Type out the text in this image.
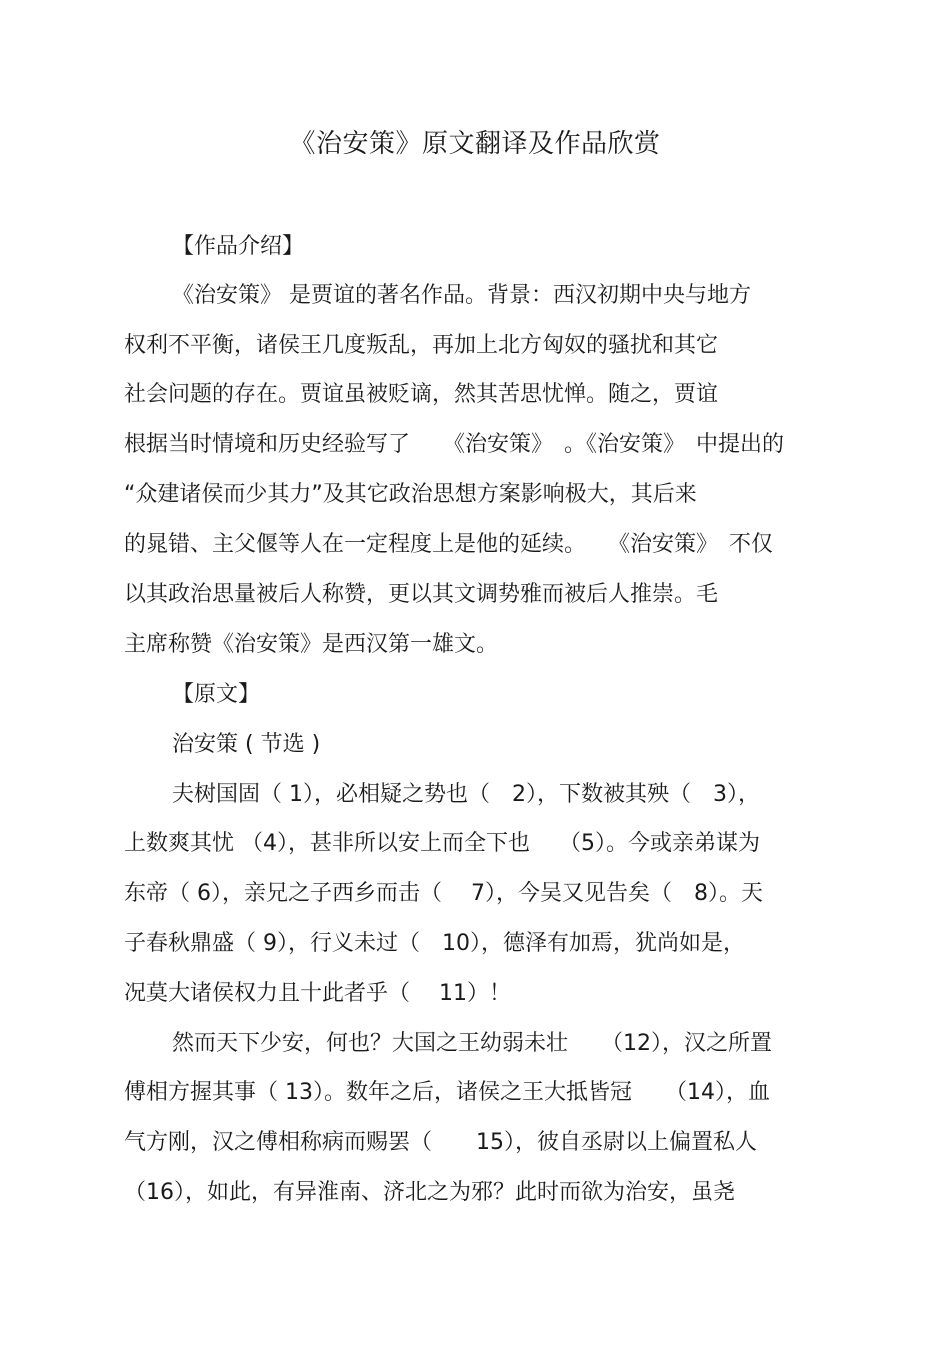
《治安策》原文翻译及作品欣赏
【作品介绍】
《治安策》 是贾谊的著名作品。背景：西汉初期中央与地方
权利不平衡，诸侯王几度叛乱，再加上北方匈奴的骚扰和其它
社会问题的存在。贾谊虽被贬谪，然其苦思忧惮。随之，贾谊
根据当时情境和历史经验写了　　《治安策》　。《治安策》　中提出的
“众建诸侯而少其力”及其它政治思想方案影响极大，其后来
的晁错、主父偃等人在一定程度上是他的延续。　　《治安策》　不仅
以其政治思量被后人称赞，更以其文调势雅而被后人推崇。毛
主席称赞《治安策》是西汉第一雄文。
【原文】
治安策 ( 节选 )
夫树国固（ 1），必相疑之势也（　2），下数被其殃（　3），
上数爽其忧 （4），甚非所以安上而全下也　 （5）。今或亲弟谋为
东帝（ 6），亲兄之子西乡而击（　 7），今吴又见告矣（　8）。天
子春秋鼎盛（ 9），行义未过（　10），德泽有加焉，犹尚如是，
况莫大诸侯权力且十此者乎（　 11）！
然而天下少安，何也？大国之王幼弱未壮　　（12），汉之所置
傅相方握其事（ 13）。数年之后，诸侯之王大抵皆冠　　（14），血
气方刚，汉之傅相称病而赐罢（　　15），彼自丞尉以上偏置私人
（16），如此，有异淮南、济北之为邪？此时而欲为治安，虽尧
